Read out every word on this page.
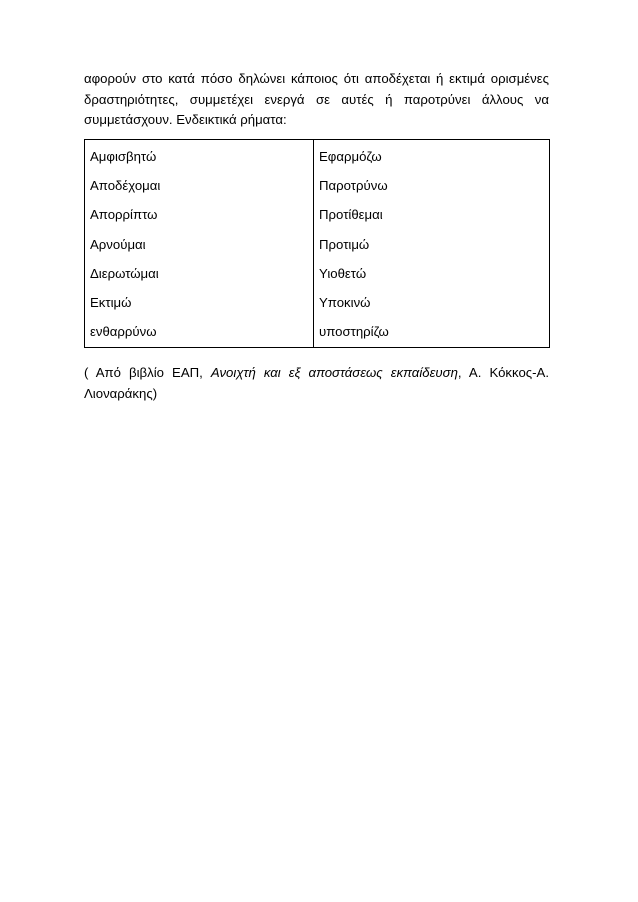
αφορούν στο κατά πόσο δηλώνει κάποιος ότι αποδέχεται ή εκτιμά ορισμένες δραστηριότητες, συμμετέχει ενεργά σε αυτές ή παροτρύνει άλλους να συμμετάσχουν. Ενδεικτικά ρήματα:

Αμφισβητώ	Εφαρμόζω
Αποδέχομαι	Παροτρύνω
Απορρίπτω	Προτίθεμαι
Αρνούμαι	Προτιμώ
Διερωτώμαι	Υιοθετώ
Εκτιμώ	Υποκινώ
ενθαρρύνω	υποστηρίζω

( Από βιβλίο ΕΑΠ, Ανοιχτή και εξ αποστάσεως εκπαίδευση, Α. Κόκκος-Α. Λιοναράκης)
